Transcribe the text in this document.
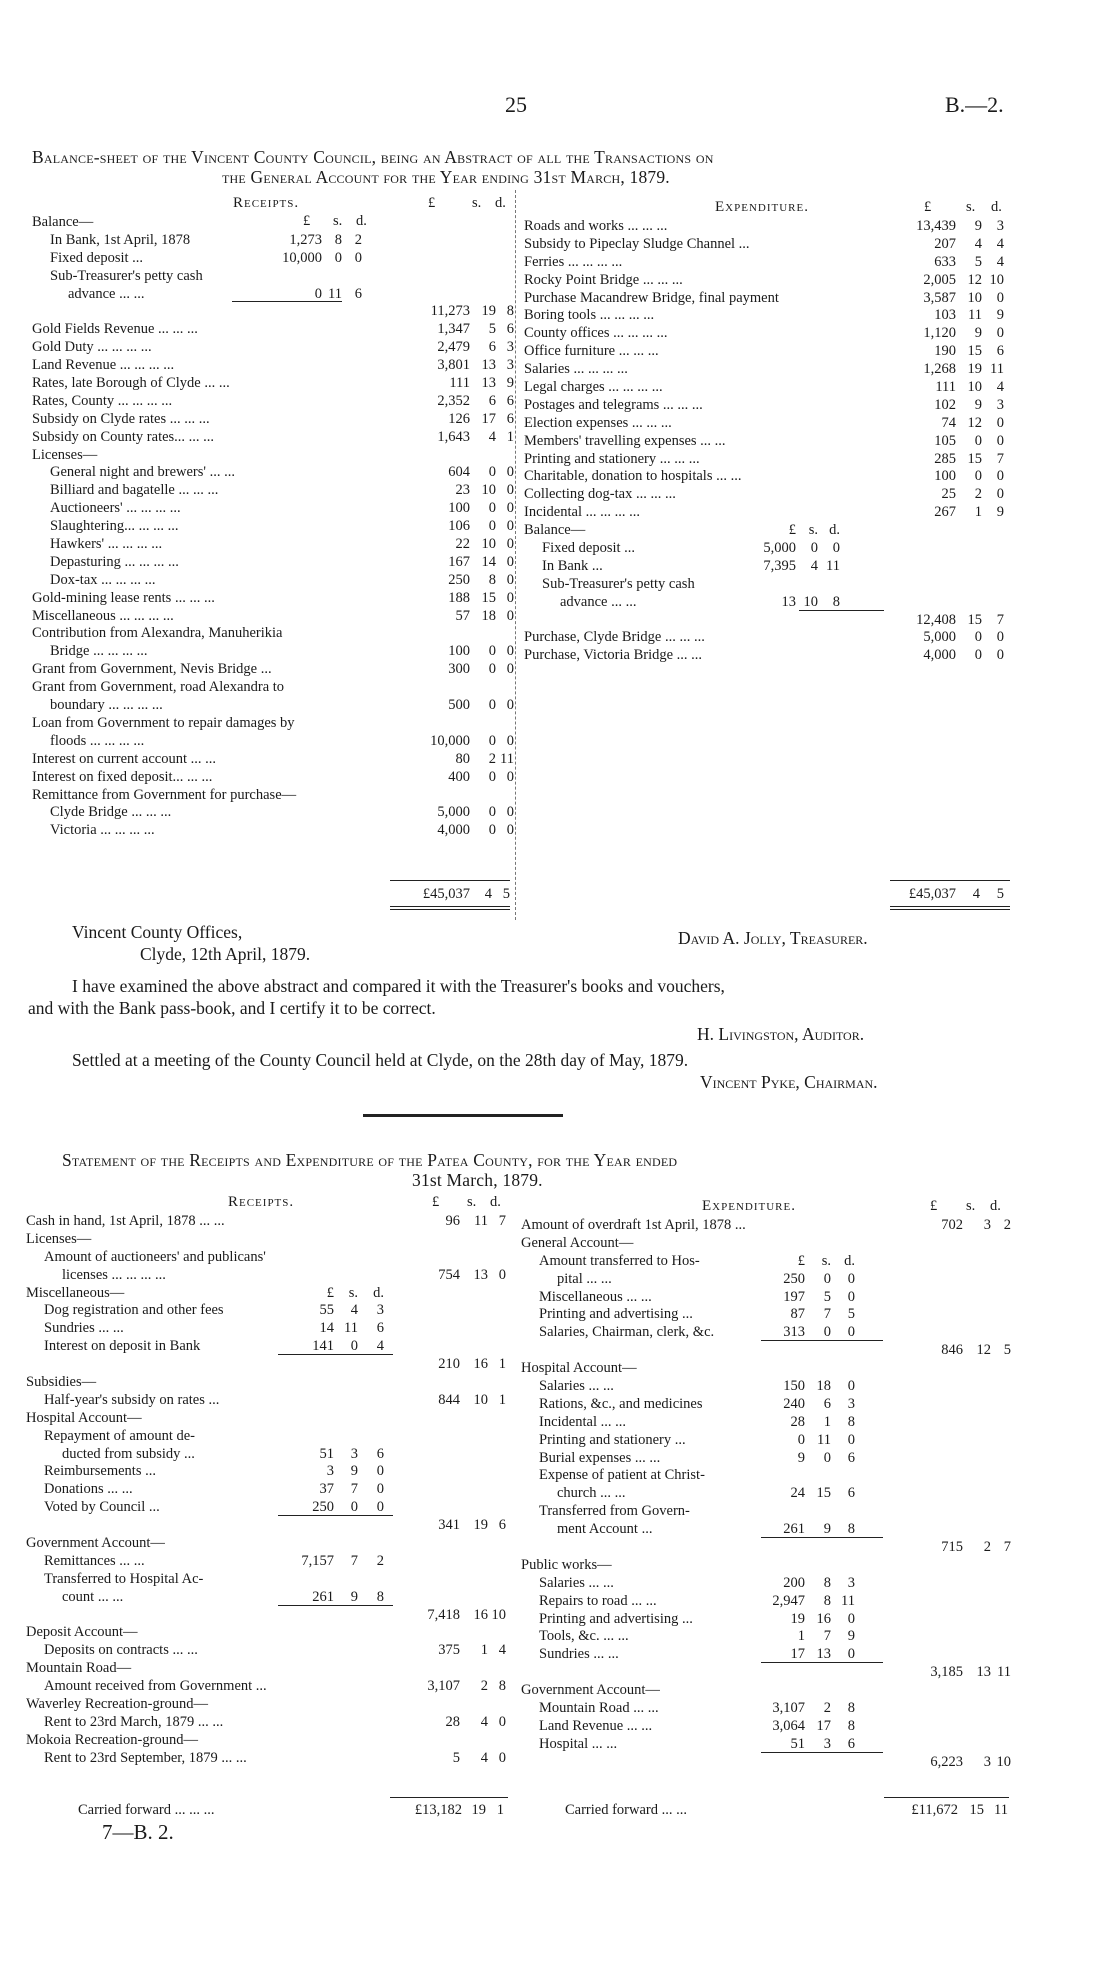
25	B.—2.
Balance-sheet of the Vincent County Council, being an Abstract of all the Transactions on
the General Account for the Year ending 31st March, 1879.
Receipts.	£	s. d.
£ s. d.
Expenditure.	£ s. d.
Balance—
In Bank, 1st April, 1878	1,273 8 2
Fixed deposit ...	10,000 0 0
Sub-Treasurer's petty cash
advance ... ...	0 11 6
11,273 19 8
Gold Fields Revenue ... ... ...	1,347	5 6
Gold Duty ... ... ... ...	2,479	6 3
Land Revenue ... ... ... ...	3,801 13 3
Rates, late Borough of Clyde ... ...	111 13 9
Rates, County ... ... ... ...	2,352	6 6
Subsidy on Clyde rates ... ... ...	126 17 6
Subsidy on County rates... ... ...	1,643	4 1
Licenses—
General night and brewers' ... ...	604	0 0
Billiard and bagatelle ... ... ...	23 10 0
Auctioneers' ... ... ... ...	100	0 0
Slaughtering... ... ... ...	106	0 0
Hawkers' ... ... ... ...	22 10 0
Depasturing ... ... ... ...	167 14 0
Dox-tax ... ... ... ...	250	8 0
Gold-mining lease rents ... ... ...	188 15 0
Miscellaneous ... ... ... ...	57 18 0
Contribution from Alexandra, Manuherikia
Bridge ... ... ... ...	100	0 0
Grant from Government, Nevis Bridge ...	300	0 0
Grant from Government, road Alexandra to
boundary ... ... ... ...	500	0 0
Loan from Government to repair damages by
floods ... ... ... ...	10,000	0 0
Interest on current account ... ...	80	2 11
Interest on fixed deposit... ... ...	400	0 0
Remittance from Government for purchase—
Clyde Bridge ... ... ...	5,000	0 0
Victoria ... ... ... ...	4,000	0 0
Roads and works ... ... ...	13,439	9	3
Subsidy to Pipeclay Sludge Channel ...	207	4	4
Ferries ... ... ... ...	633	5	4
Rocky Point Bridge ... ... ...	2,005 12 10
Purchase Macandrew Bridge, final payment	3,587 10	0
Boring tools ... ... ... ...	103 11	9
County offices ... ... ... ...	1,120	9	0
Office furniture ... ... ...	190 15	6
Salaries ... ... ... ...	1,268 19 11
Legal charges ... ... ... ...	111 10	4
Postages and telegrams ... ... ...	102	9	3
Election expenses ... ... ...	74 12	0
Members' travelling expenses ... ...	105	0	0
Printing and stationery ... ... ...	285 15	7
Charitable, donation to hospitals ... ...	100	0	0
Collecting dog-tax ... ... ...	25	2	0
Incidental ... ... ... ...	267	1	9
Balance—	£ s. d.
Fixed deposit ...	5,000	0	0
In Bank ...	7,395	4 11
Sub-Treasurer's petty cash
advance ... ...	13 10	8
12,408 15	7
Purchase, Clyde Bridge ... ... ...	5,000	0	0
Purchase, Victoria Bridge ... ...	4,000	0	0
£45,037	4 5	£45,037	4	5
Vincent County Offices,
Clyde, 12th April, 1879.
David A. Jolly, Treasurer.
I have examined the above abstract and compared it with the Treasurer's books and vouchers,
and with the Bank pass-book, and I certify it to be correct.
H. Livingston, Auditor.
Settled at a meeting of the County Council held at Clyde, on the 28th day of May, 1879.
Vincent Pyke, Chairman.
Statement of the Receipts and Expenditure of the Patea County, for the Year ended
31st March, 1879.
Receipts.	£ s. d.	Expenditure.	£ s. d.
Cash in hand, 1st April, 1878 ... ...	96 11 7
Licenses—
Amount of auctioneers' and publicans'
licenses ... ... ... ...	754 13 0
Miscellaneous—	£	s.	d.
Dog registration and other fees	55	4	3
Sundries ... ...	14 11	6
Interest on deposit in Bank	141	0	4
210 16 1
Subsidies—
Half-year's subsidy on rates ...	844 10 1
Hospital Account—
Repayment of amount de-
ducted from subsidy ...	51	3	6
Reimbursements ...	3	9	0
Donations ... ...	37	7	0
Voted by Council ...	250	0	0
341 19 6
Government Account—
Remittances ... ...	7,157	7	2
Transferred to Hospital Ac-
count ... ...	261	9	8
7,418 16 10
Deposit Account—
Deposits on contracts ... ...	375	1 4
Mountain Road—
Amount received from Government ...	3,107	2 8
Waverley Recreation-ground—
Rent to 23rd March, 1879 ... ...	28	4 0
Mokoia Recreation-ground—
Rent to 23rd September, 1879 ... ...	5	4 0
Amount of overdraft 1st April, 1878 ...	702	3 2
General Account—
Amount transferred to Hos-	£	s. d.
pital ... ...	250	0	0
Miscellaneous ... ...	197	5	0
Printing and advertising ...	87	7	5
Salaries, Chairman, clerk, &c.	313	0	0
846 12 5
Hospital Account—
Salaries ... ...	150 18	0
Rations, &c., and medicines	240	6	3
Incidental ... ...	28	1	8
Printing and stationery ...	0 11	0
Burial expenses ... ...	9	0	6
Expense of patient at Christ-
church ... ...	24 15	6
Transferred from Govern-
ment Account ...	261	9	8
715	2 7
Public works—
Salaries ... ...	200	8	3
Repairs to road ... ...	2,947	8 11
Printing and advertising ...	19 16	0
Tools, &c. ... ...	1	7	9
Sundries ... ...	17 13	0
3,185 13 11
Government Account—
Mountain Road ... ...	3,107	2	8
Land Revenue ... ...	3,064 17	8
Hospital ... ...	51	3	6
6,223	3 10
Carried forward ... ... ...	£13,182 19 1	Carried forward ... ...	£11,672 15 11
7—B. 2.
